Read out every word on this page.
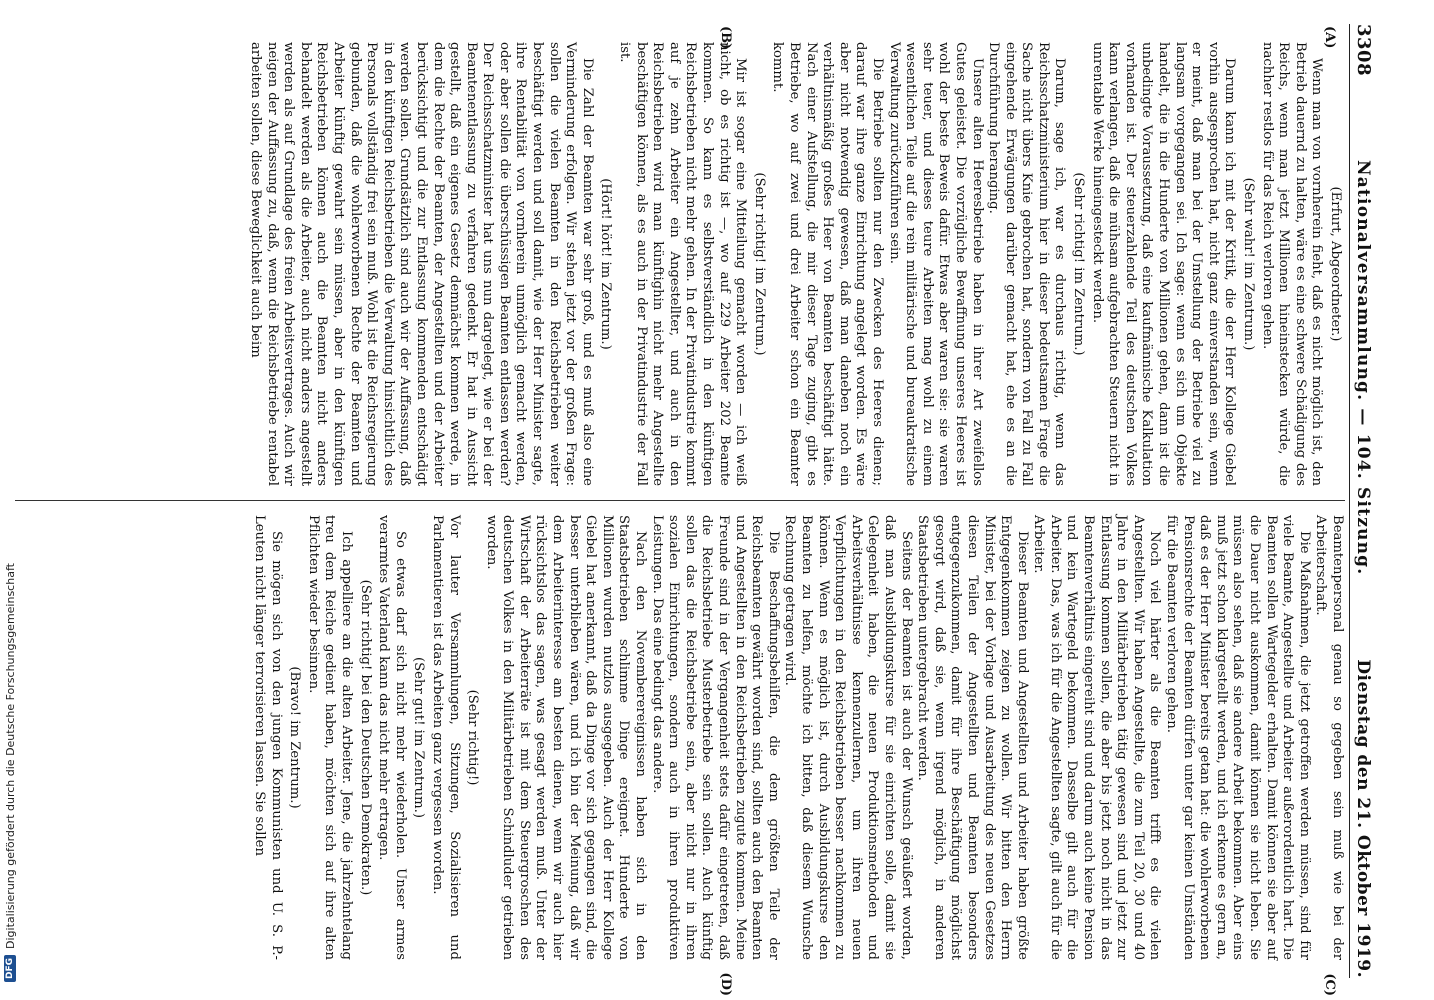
3308
Nationalversammlung. — 104. Sitzung.
Dienstag den 21. Oktober 1919.
(A)
(B)

(Erfurt, Abgeordneter.)

Wenn man von vornherein fieht, daß es nicht möglich ist, den Betrieb dauernd zu halten, wäre es eine schwere Schädigung des Reichs, wenn man jetzt Millionen hineinstecken würde, die nachher restlos für das Reich verloren gehen.

(Sehr wahr! im Zentrum.)

Darum kann ich mit der Kritik, die der Herr Kollege Giebel vorhin ausgesprochen hat, nicht ganz einverstanden sein, wenn er meint, daß man bei der Umstellung der Betriebe viel zu langsam vorgegangen sei. Ich sage: wenn es sich um Objekte handelt, die in die Hunderte von Millionen gehen, dann ist die unbedingte Voraussetzung, daß eine kaufmännische Kalkulation vorhanden ist. Der steuerzahlende Teil des deutschen Volkes kann verlangen, daß die mühsam aufgebrachten Steuern nicht in unrentable Werke hineingesteckt werden.

(Sehr richtig! im Zentrum.)

Darum, sage ich, war es durchaus richtig, wenn das Reichsschatzministerium hier in dieser bedeutsamen Frage die Sache nicht übers Knie gebrochen hat, sondern von Fall zu Fall eingehende Erwägungen darüber gemacht hat, ehe es an die Durchführung heranging.

Unsere alten Heeresbetriebe haben in ihrer Art zweifellos Gutes geleistet. Die vorzügliche Bewaffnung unseres Heeres ist wohl der beste Beweis dafür. Etwas aber waren sie: sie waren sehr teuer, und dieses teure Arbeiten mag wohl zu einem wesentlichen Teile auf die rein militärische und bureaukratische Verwaltung zurückzuführen sein.

Die Betriebe sollten nur den Zwecken des Heeres dienen; darauf war ihre ganze Einrichtung angelegt worden. Es wäre aber nicht notwendig gewesen, daß man daneben noch ein verhältnismäßig großes Heer von Beamten beschäftigt hätte. Nach einer Aufstellung, die mir dieser Tage zuging, gibt es Betriebe, wo auf zwei und drei Arbeiter schon ein Beamter kommt.

(Sehr richtig! im Zentrum.)

Mir ist sogar eine Mitteilung gemacht worden — ich weiß nicht, ob es richtig ist —, wo auf 229 Arbeiter 202 Beamte kommen. So kann es selbstverständlich in den künftigen Reichsbetrieben nicht mehr gehen. In der Privatindustrie kommt auf je zehn Arbeiter ein Angestellter, und auch in den Reichsbetrieben wird man künftighin nicht mehr Angestellte beschäftigen können, als es auch in der Privatindustrie der Fall ist.

(Hört! hört! im Zentrum.)

Die Zahl der Beamten war sehr groß, und es muß also eine Verminderung erfolgen. Wir stehen jetzt vor der großen Frage: sollen die vielen Beamten in den Reichsbetrieben weiter beschäftigt werden und soll damit, wie der Herr Minister sagte, ihre Rentabilität von vornherein unmöglich gemacht werden, oder aber sollen die überschüssigen Beamten entlassen werden? Der Reichsschatzminister hat uns nun dargelegt, wie er bei der Beamtenentlassung zu verfahren gedenkt. Er hat in Aussicht gestellt, daß ein eigenes Gesetz demnächst kommen werde, in dem die Rechte der Beamten, der Angestellten und der Arbeiter berücksichtigt und die zur Entlassung kommenden entschädigt werden sollen. Grundsätzlich sind auch wir der Auffassung, daß in den künftigen Reichsbetrieben die Verwaltung hinsichtlich des Personals vollständig frei sein muß. Wohl ist die Reichsregierung gebunden, daß die wohlerworbenen Rechte der Beamten und Arbeiter künftig gewahrt sein müssen, aber in den künftigen Reichsbetrieben können auch die Beamten nicht anders behandelt werden als die Arbeiter, auch nicht anders angestellt werden als auf Grundlage des freien Arbeitsvertrages. Auch wir neigen der Auffassung zu, daß, wenn die Reichsbetriebe rentabel arbeiten sollen, diese Beweglichkeit auch beim

(C)
(D)

Beamtenpersonal genau so gegeben sein muß wie bei der Arbeiterschaft.

Die Maßnahmen, die jetzt getroffen werden müssen, sind für viele Beamte, Angestellte und Arbeiter außerordentlich hart. Die Beamten sollen Wartegelder erhalten. Damit können sie aber auf die Dauer nicht auskommen, damit können sie nicht leben. Sie müssen also sehen, daß sie andere Arbeit bekommen. Aber eins muß jetzt schon klargestellt werden, und ich erkenne es gern an, daß es der Herr Minister bereits getan hat: die wohlerworbenen Pensionsrechte der Beamten dürfen unter gar keinen Umständen für die Beamten verloren gehen.

Noch viel härter als die Beamten trifft es die vielen Angestellten. Wir haben Angestellte, die zum Teil 20, 30 und 40 Jahre in den Militärbetrieben tätig gewesen sind und jetzt zur Entlassung kommen sollen, die aber bis jetzt noch nicht in das Beamtenverhältnis eingereiht sind und darum auch keine Pension und kein Wartegeld bekommen. Dasselbe gilt auch für die Arbeiter. Das, was ich für die Angestellten sagte, gilt auch für die Arbeiter.

Dieser Beamten und Angestellten und Arbeiter haben größte Entgegenkommen zeigen zu wollen. Wir bitten den Herrn Minister, bei der Vorlage und Ausarbeitung des neuen Gesetzes diesen Teilen der Angestellten und Beamten besonders entgegenzukommen, damit für ihre Beschäftigung möglichst gesorgt wird, daß sie, wenn irgend möglich, in anderen Staatsbetrieben untergebracht werden.

Seitens der Beamten ist auch der Wunsch geäußert worden, daß man Ausbildungskurse für sie einrichten solle, damit sie Gelegenheit haben, die neuen Produktionsmethoden und Arbeitsverhältnisse kennenzulernen, um ihren neuen Verpflichtungen in den Reichsbetrieben besser nachkommen zu können. Wenn es möglich ist, durch Ausbildungskurse den Beamten zu helfen, möchte ich bitten, daß diesem Wunsche Rechnung getragen wird.

Die Beschaffungsbehilfen, die dem größten Teile der Reichsbeamten gewährt worden sind, sollten auch den Beamten und Angestellten in den Reichsbetrieben zugute kommen. Meine Freunde sind in der Vergangenheit stets dafür eingetreten, daß die Reichsbetriebe Musterbetriebe sein sollen. Auch künftig sollen das die Reichsbetriebe sein, aber nicht nur in ihren sozialen Einrichtungen, sondern auch in ihren produktiven Leistungen. Das eine bedingt das andere.

Nach den Novemberereignissen haben sich in den Staatsbetrieben schlimme Dinge ereignet. Hunderte von Millionen wurden nutzlos ausgegeben. Auch der Herr Kollege Giebel hat anerkannt, daß da Dinge vor sich gegangen sind, die besser unterblieben wären, und ich bin der Meinung, daß wir dem Arbeiterinteresse am besten dienen, wenn wir auch hier rücksichtslos das sagen, was gesagt werden muß. Unter der Wirtschaft der Arbeiterräte ist mit dem Steuergroschen des deutschen Volkes in den Militärbetrieben Schindluder getrieben worden.

(Sehr richtig!)

Vor lauter Versammlungen, Sitzungen, Sozialisieren und Parlamentieren ist das Arbeiten ganz vergessen worden.

(Sehr gut! im Zentrum.)

So etwas darf sich nicht mehr wiederholen. Unser armes verarmtes Vaterland kann das nicht mehr ertragen.

(Sehr richtig! bei den Deutschen Demokraten.)

Ich appelliere an die alten Arbeiter. Jene, die jahrzehntelang treu dem Reiche gedient haben, möchten sich auf ihre alten Pflichten wieder besinnen.

(Bravo! im Zentrum.)

Sie mögen sich von den jungen Kommunisten und U. S. P.-Leuten nicht länger terrorisieren lassen. Sie sollen

DFG
Digitalisierung gefördert durch die Deutsche Forschungsgemeinschaft
